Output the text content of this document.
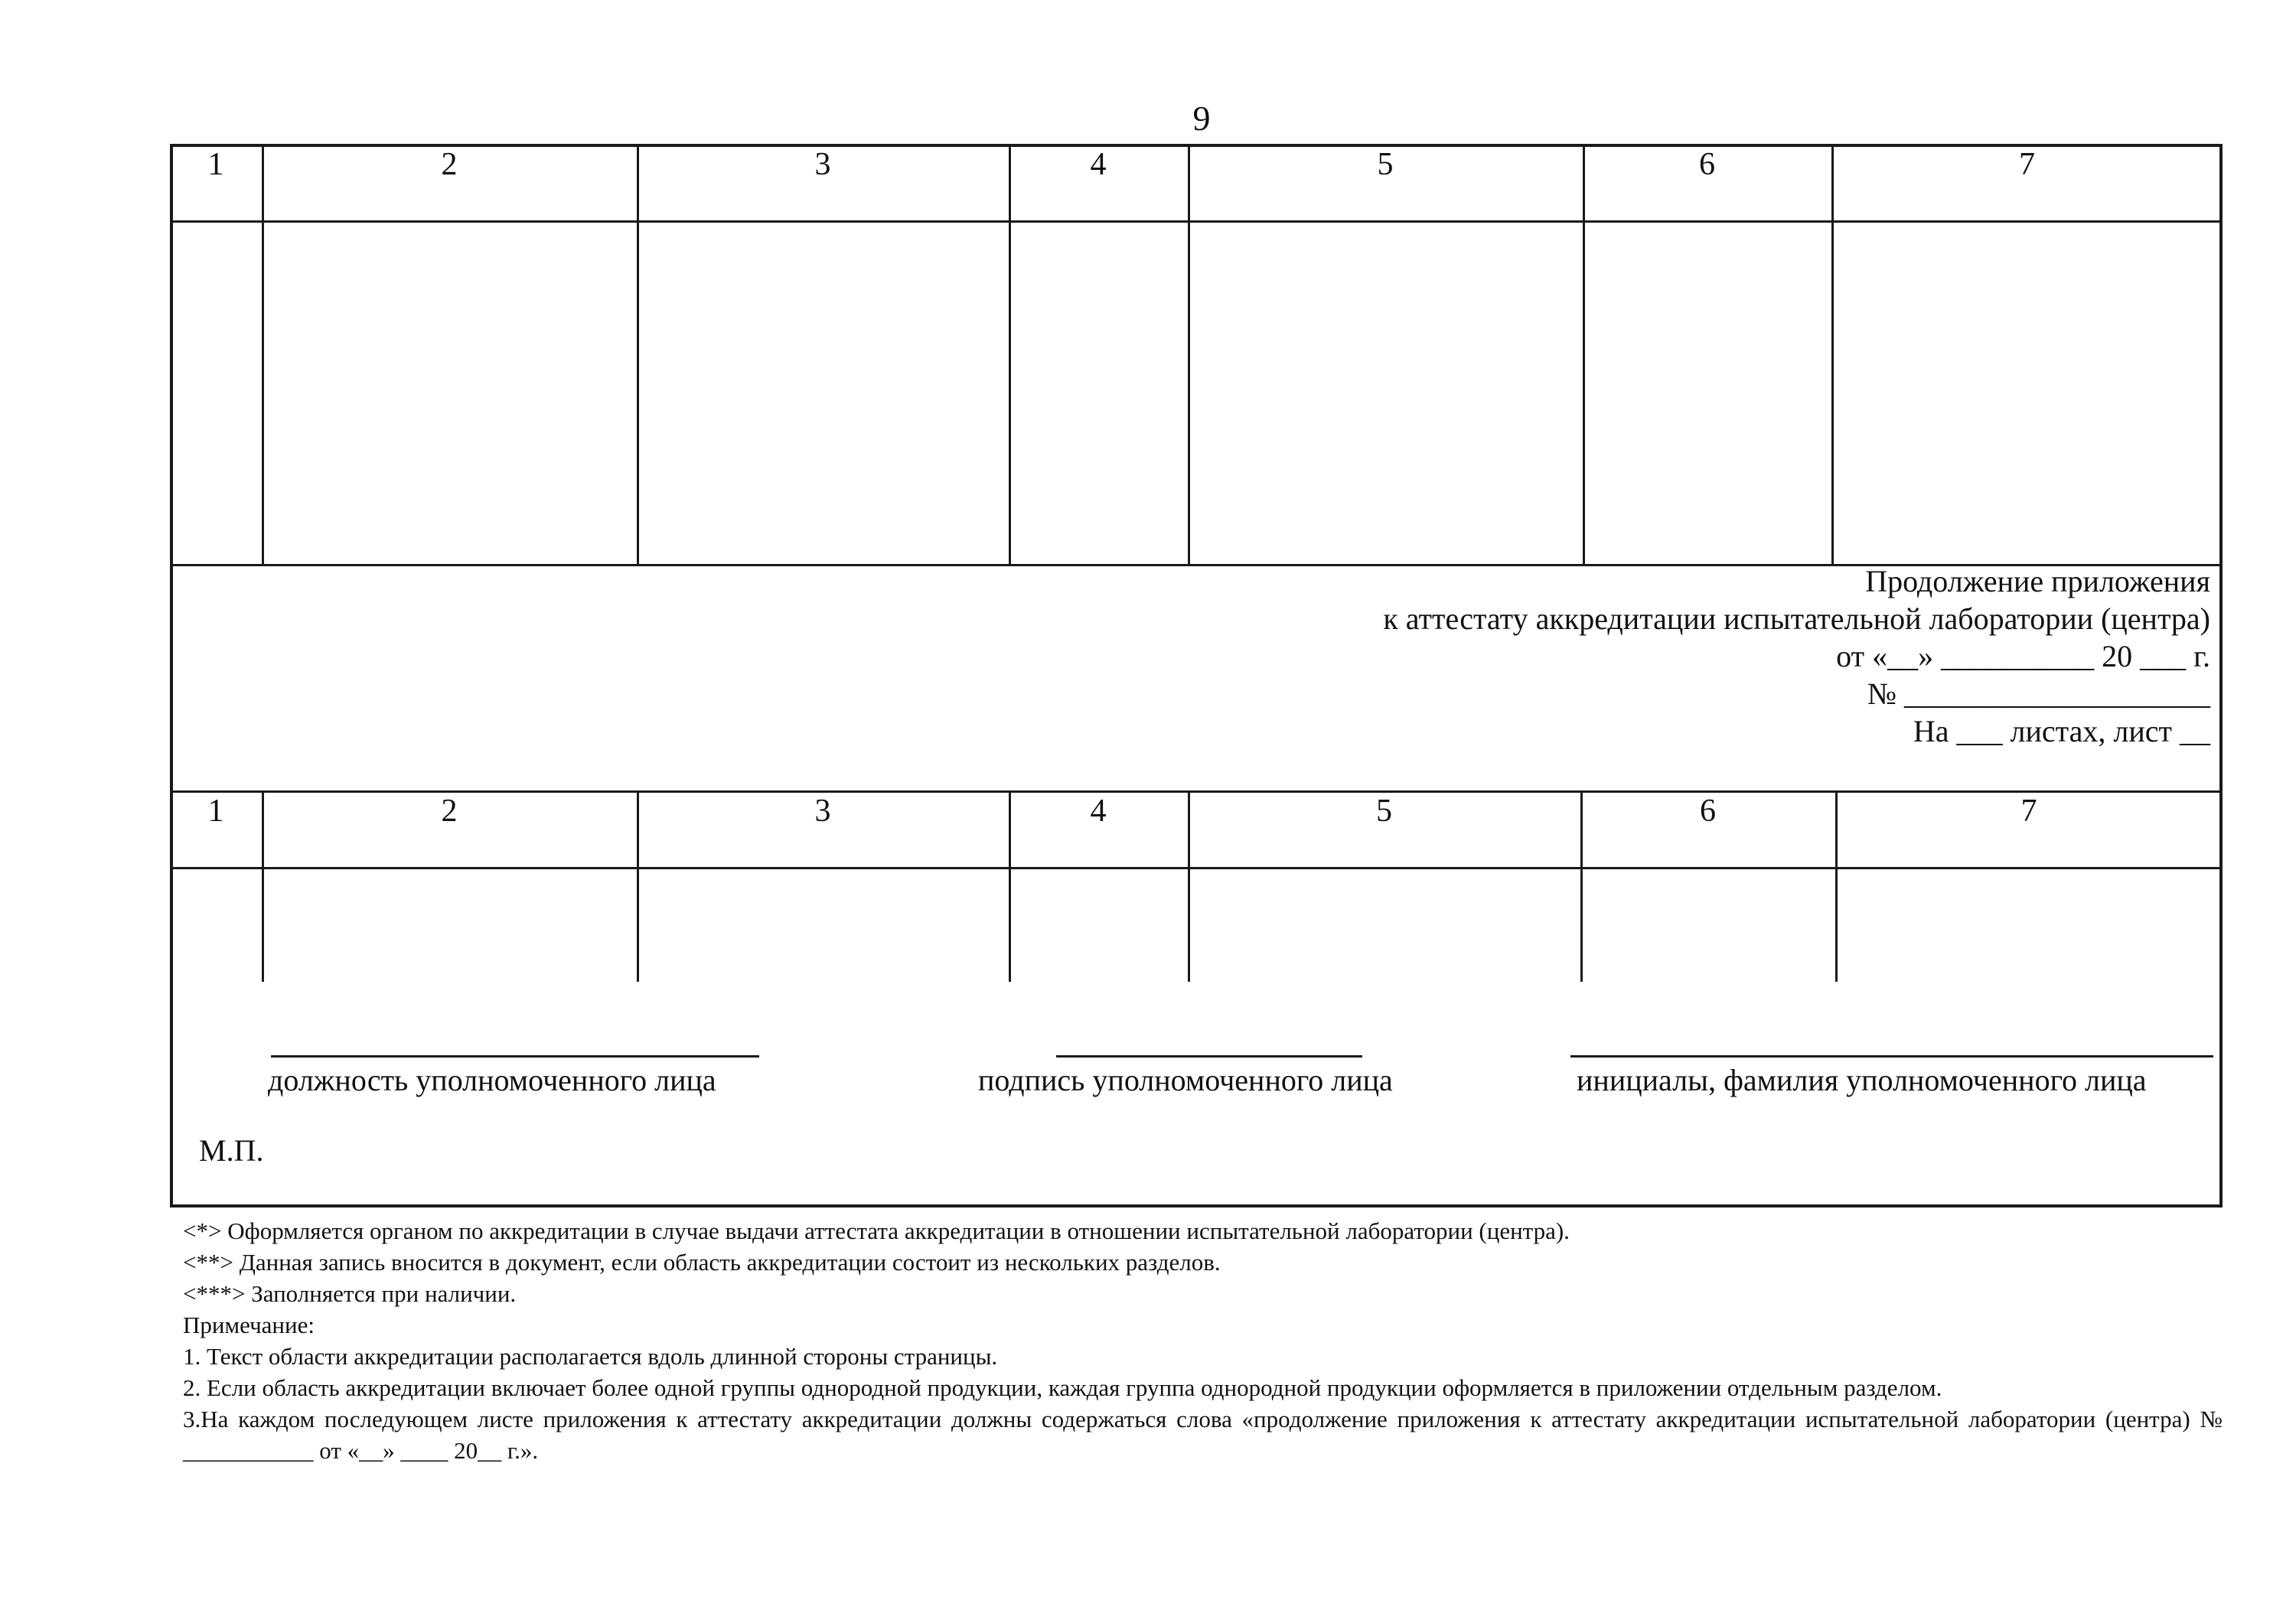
9
1	2	3	4	5	6	7
Продолжение приложения
к аттестату аккредитации испытательной лаборатории (центра)
от «__» __________ 20 ___ г.
№ ____________________
На ___ листах, лист __
1	2	3	4	5	6	7
должность уполномоченного лица	подпись уполномоченного лица	инициалы, фамилия уполномоченного лица
М.П.

<*> Оформляется органом по аккредитации в случае выдачи аттестата аккредитации в отношении испытательной лаборатории (центра).

<**> Данная запись вносится в документ, если область аккредитации состоит из нескольких разделов.

<***> Заполняется при наличии.

Примечание:

1. Текст области аккредитации располагается вдоль длинной стороны страницы.

2. Если область аккредитации включает более одной группы однородной продукции, каждая группа однородной продукции оформляется в приложении отдельным разделом.

3.На каждом последующем листе приложения к аттестату аккредитации должны содержаться слова «продолжение приложения к аттестату аккредитации испытательной лаборатории (центра) № ___________ от «__» ____ 20__ г.».
